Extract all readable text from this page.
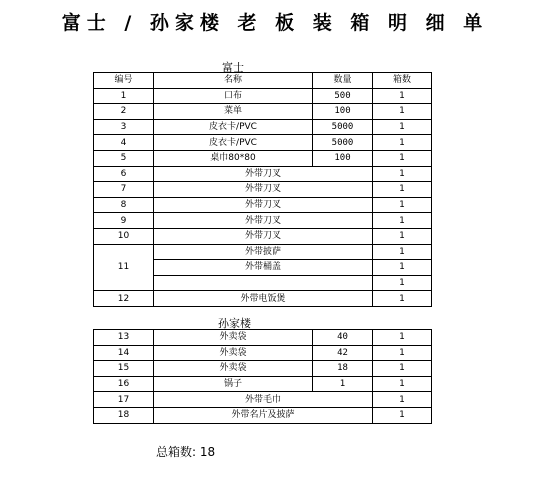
富士 / 孙家楼 老 板 装 箱 明 细 单
富士
编号	名称	数量	箱数
1	口布	500	1
2	菜单	100	1
3	皮衣卡/PVC	5000	1
4	皮衣卡/PVC	5000	1
5	桌巾80*80	100	1
6	外带刀叉		1
7	外带刀叉		1
8	外带刀叉		1
9	外带刀叉		1
10	外带刀叉		1
11	外带披萨		1
	外带桶盖		1
			1
12	外带电饭煲		1
孙家楼
13	外卖袋	40	1
14	外卖袋	42	1
15	外卖袋	18	1
16	锅子	1	1
17	外带毛巾		1
18	外带名片及披萨		1
总箱数: 18
